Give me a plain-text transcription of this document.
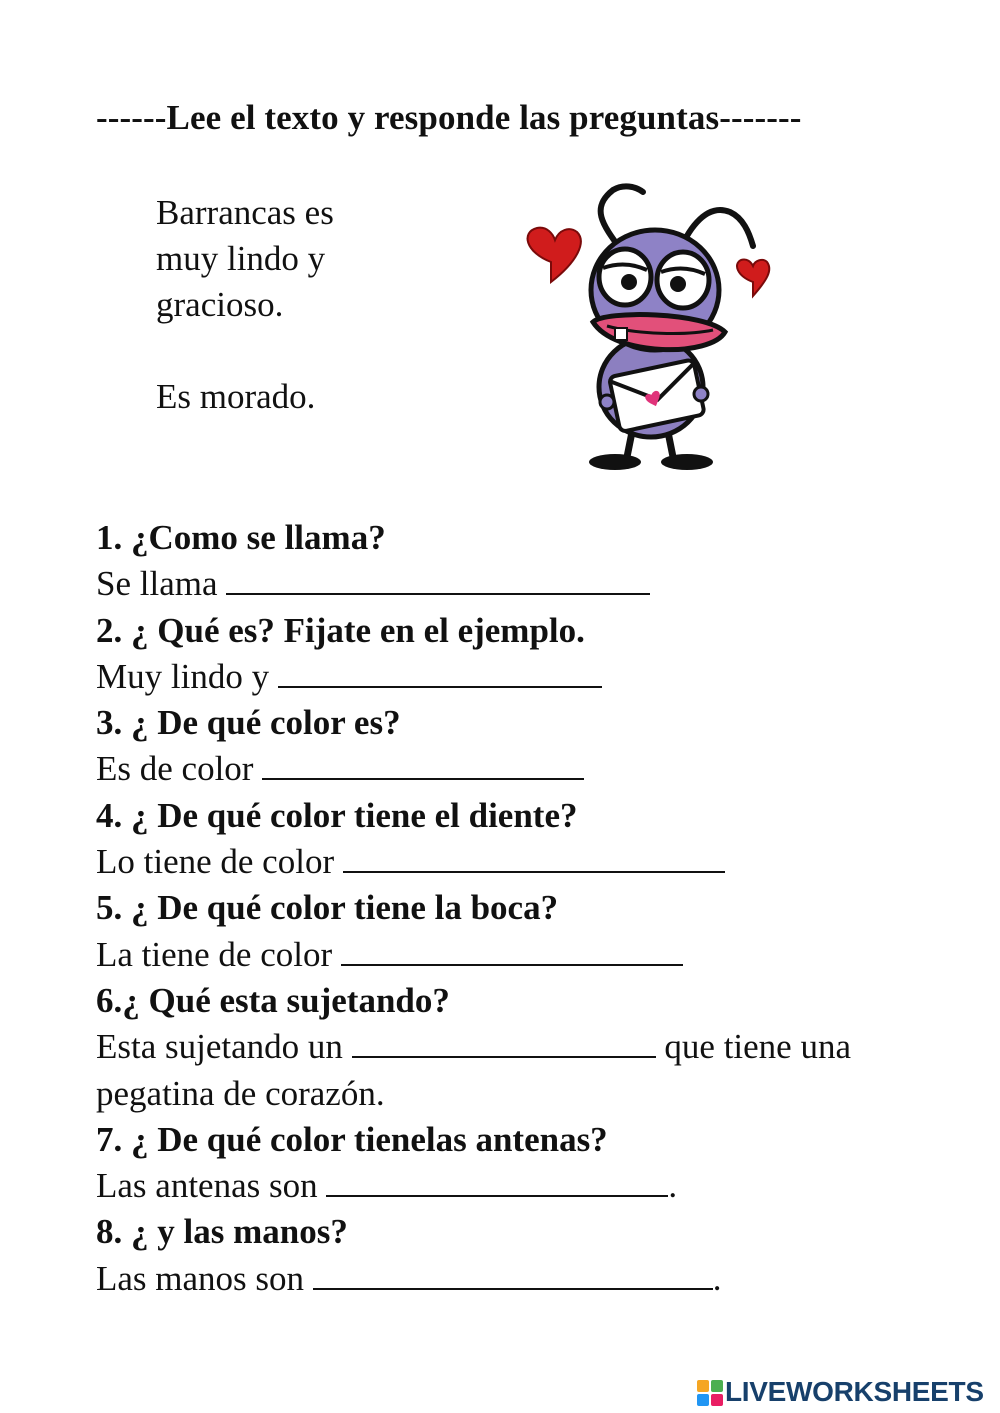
------Lee el texto y responde las preguntas-------

Barrancas es

muy lindo y

gracioso.

Es morado.

1. ¿Como se llama?
Se llama
2. ¿ Qué es? Fijate en el ejemplo.
Muy lindo y
3. ¿ De qué color es?
Es de color
4. ¿ De qué color tiene el diente?
Lo tiene de color
5. ¿ De qué color tiene la boca?
La tiene de color
6.¿ Qué esta sujetando?
Esta sujetando un	que tiene una pegatina de corazón.
7. ¿ De qué color tienelas antenas?
Las antenas son	.
8. ¿ y las manos?
Las manos son	.
LIVEWORKSHEETS
